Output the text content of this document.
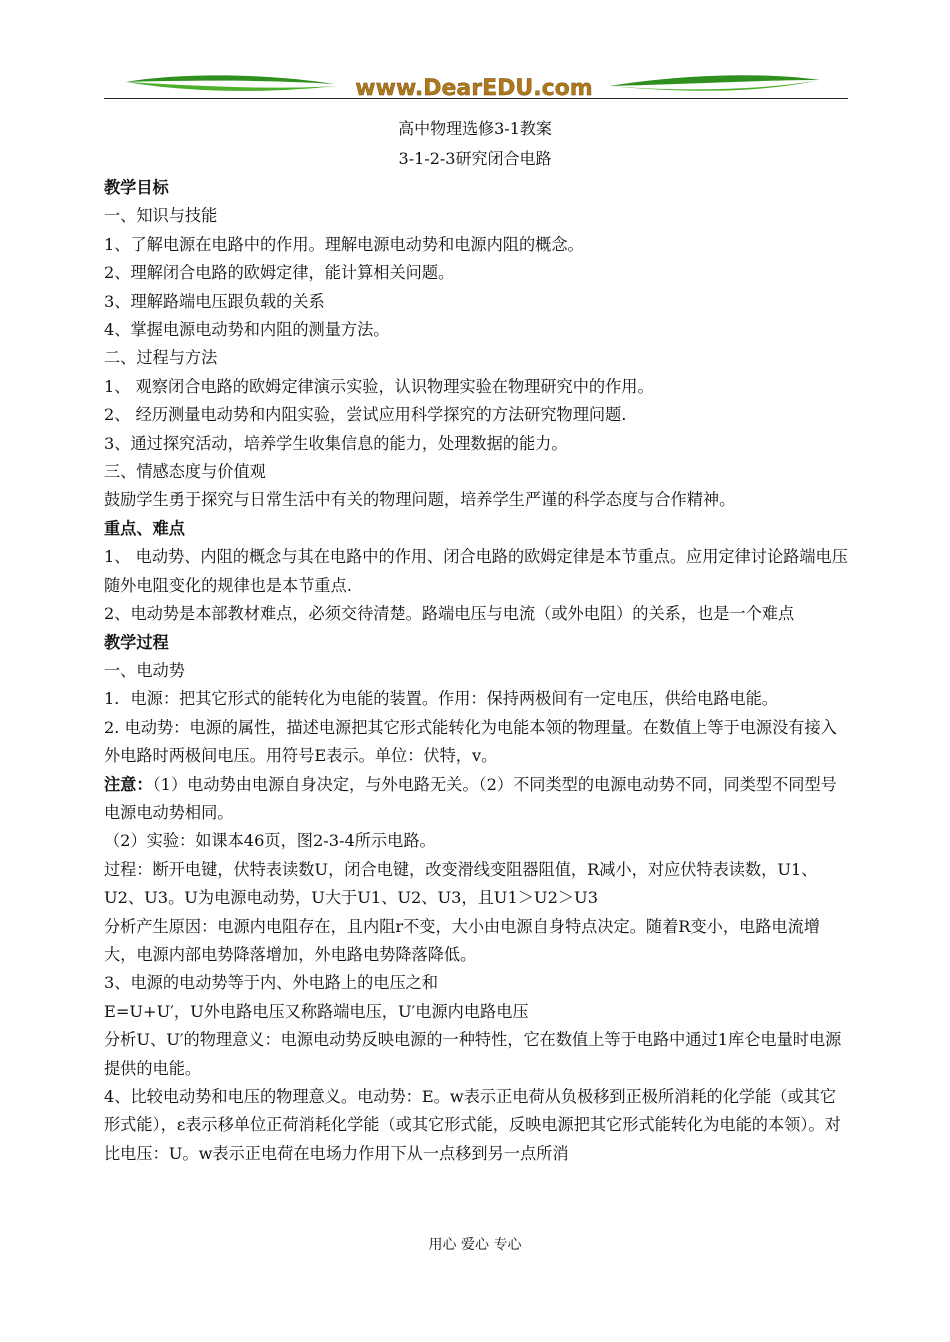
www.DearEDU.com
高中物理选修3-1教案
3-1-2-3研究闭合电路

教学目标

一、知识与技能

1、了解电源在电路中的作用。理解电源电动势和电源内阻的概念。

2、理解闭合电路的欧姆定律，能计算相关问题。

3、理解路端电压跟负载的关系

4、掌握电源电动势和内阻的测量方法。

二、过程与方法

1、 观察闭合电路的欧姆定律演示实验，认识物理实验在物理研究中的作用。

2、 经历测量电动势和内阻实验，尝试应用科学探究的方法研究物理问题.

3、通过探究活动，培养学生收集信息的能力，处理数据的能力。

三、情感态度与价值观

鼓励学生勇于探究与日常生活中有关的物理问题，培养学生严谨的科学态度与合作精神。

重点、难点

1、 电动势、内阻的概念与其在电路中的作用、闭合电路的欧姆定律是本节重点。应用定律讨论路端电压随外电阻变化的规律也是本节重点.

2、电动势是本部教材难点，必须交待清楚。路端电压与电流（或外电阻）的关系，也是一个难点

教学过程

一、电动势

1．电源：把其它形式的能转化为电能的装置。作用：保持两极间有一定电压，供给电路电能。

2. 电动势：电源的属性，描述电源把其它形式能转化为电能本领的物理量。在数值上等于电源没有接入外电路时两极间电压。用符号E表示。单位：伏特，v。

注意：（1）电动势由电源自身决定，与外电路无关。（2）不同类型的电源电动势不同，同类型不同型号电源电动势相同。

（2）实验：如课本46页，图2-3-4所示电路。

过程：断开电键，伏特表读数U，闭合电键，改变滑线变阻器阻值，R减小，对应伏特表读数，U1、U2、U3。U为电源电动势，U大于U1、U2、U3，且U1＞U2＞U3

分析产生原因：电源内电阻存在，且内阻r不变，大小由电源自身特点决定。随着R变小，电路电流增大，电源内部电势降落增加，外电路电势降落降低。

3、电源的电动势等于内、外电路上的电压之和

E=U+U′，U外电路电压又称路端电压，U′电源内电路电压

分析U、U′的物理意义：电源电动势反映电源的一种特性，它在数值上等于电路中通过1库仑电量时电源提供的电能。

4、比较电动势和电压的物理意义。电动势：E。w表示正电荷从负极移到正极所消耗的化学能（或其它形式能），ε表示移单位正荷消耗化学能（或其它形式能，反映电源把其它形式能转化为电能的本领）。对比电压：U。w表示正电荷在电场力作用下从一点移到另一点所消

用心 爱心 专心
